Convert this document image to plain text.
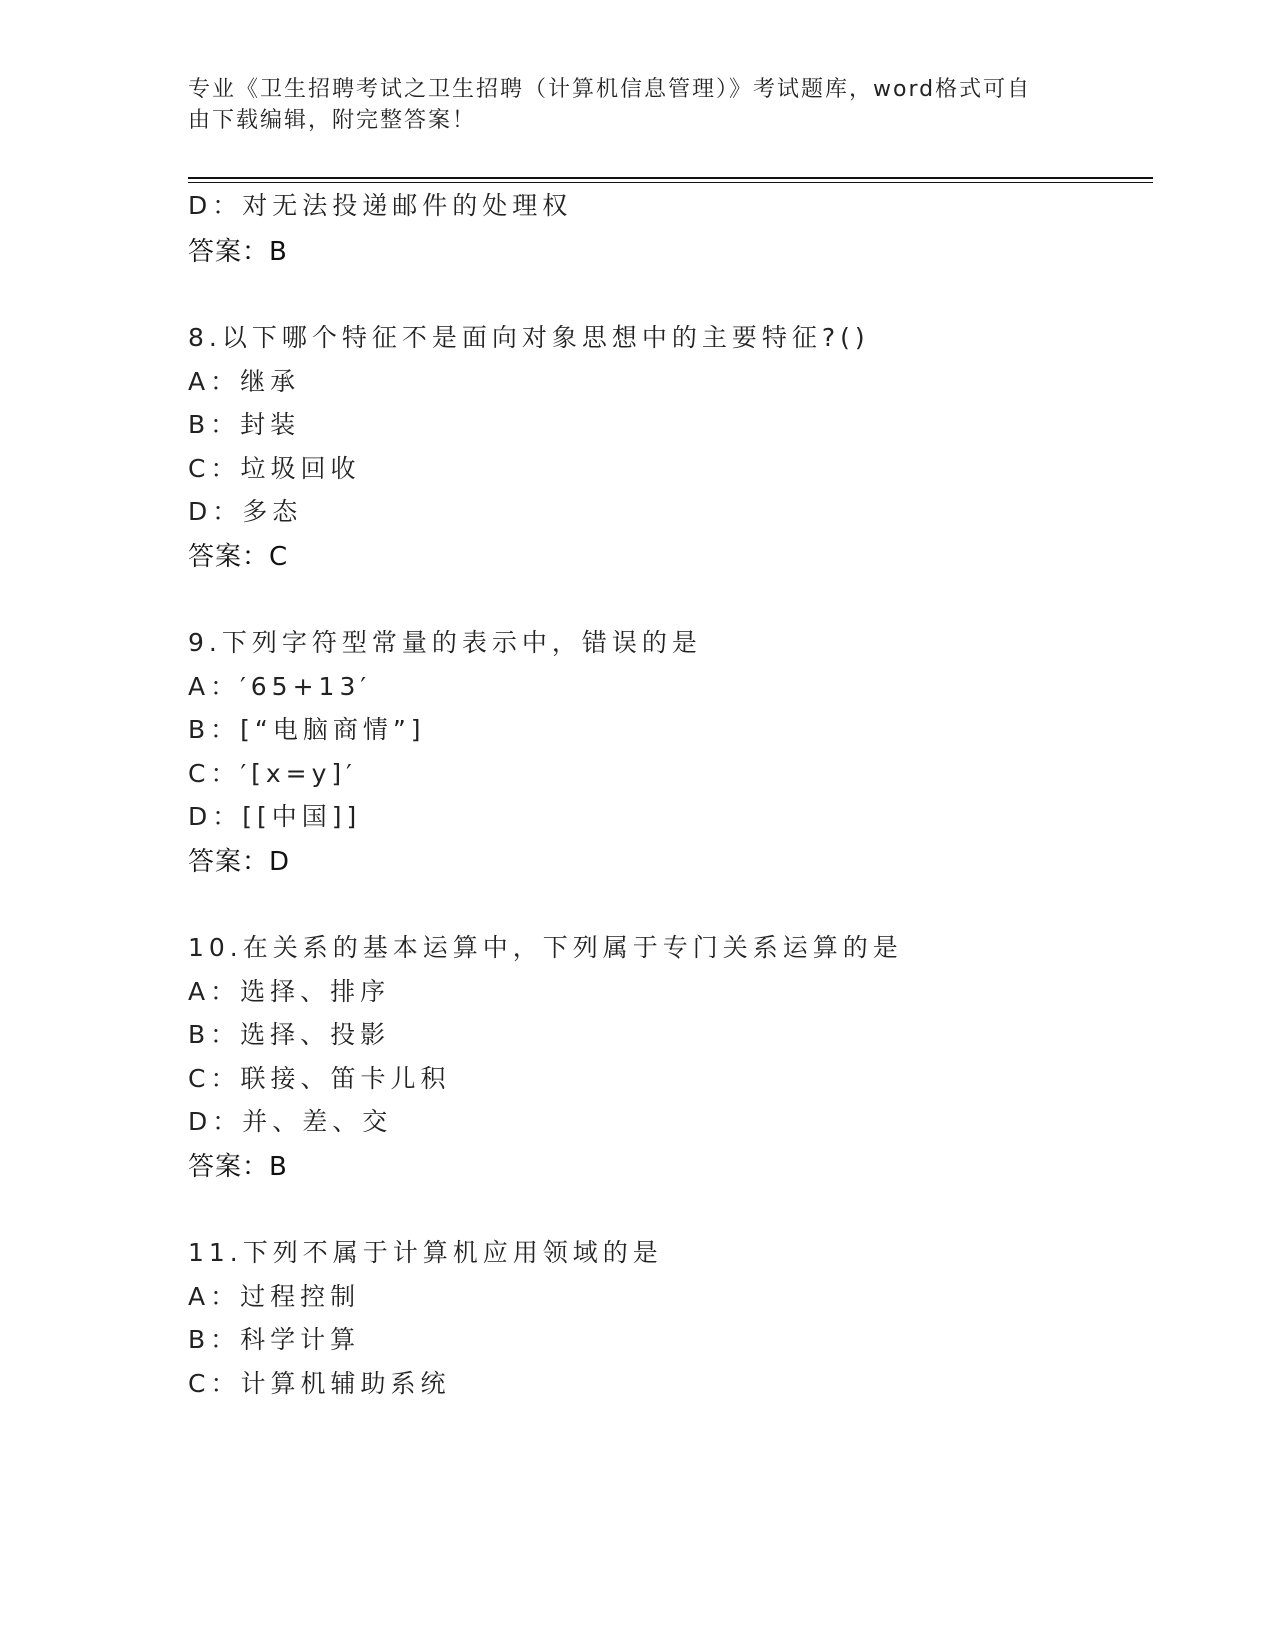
专业《卫生招聘考试之卫生招聘（计算机信息管理）》考试题库，word格式可自
由下载编辑，附完整答案！
D：对无法投递邮件的处理权
答案：B
8.以下哪个特征不是面向对象思想中的主要特征?()
A：继承
B：封装
C：垃圾回收
D：多态
答案：C
9.下列字符型常量的表示中，错误的是
A：′65+13′
B：[“电脑商情”]
C：′[x=y]′
D：[[中国]]
答案：D
10.在关系的基本运算中，下列属于专门关系运算的是
A：选择、排序
B：选择、投影
C：联接、笛卡儿积
D：并、差、交
答案：B
11.下列不属于计算机应用领域的是
A：过程控制
B：科学计算
C：计算机辅助系统
